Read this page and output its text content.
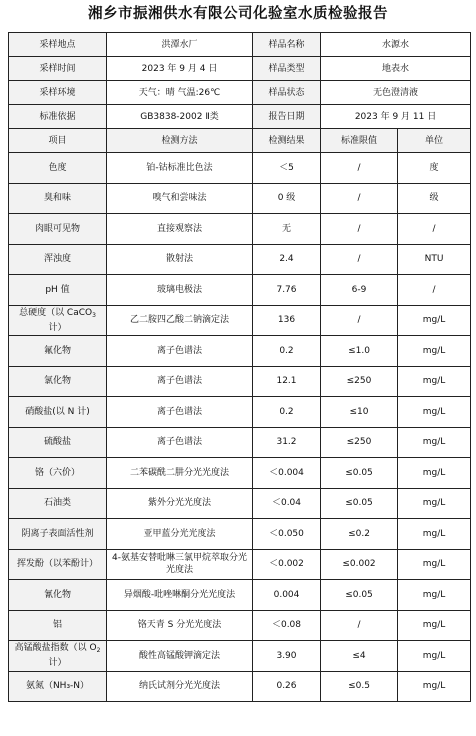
湘乡市振湘供水有限公司化验室水质检验报告
采样地点	洪潭水厂	样品名称	水源水	
采样时间	2023 年 9 月 4 日	样品类型	地表水	
采样环境	天气：晴 气温:26℃	样品状态	无色澄清液	
标准依据	GB3838-2002 Ⅱ类	报告日期	2023 年 9 月 11 日	
项目	检测方法	检测结果	标准限值	单位
色度	铂-钴标准比色法	＜5	/	度
臭和味	嗅气和尝味法	0 级	/	级
肉眼可见物	直接观察法	无	/	/
浑浊度	散射法	2.4	/	NTU
pH 值	玻璃电极法	7.76	6-9	/
总硬度（以 CaCO$_3$ 计）	乙二胺四乙酸二钠滴定法	136	/	mg/L
氟化物	离子色谱法	0.2	≤1.0	mg/L
氯化物	离子色谱法	12.1	≤250	mg/L
硝酸盐(以 N 计)	离子色谱法	0.2	≤10	mg/L
硫酸盐	离子色谱法	31.2	≤250	mg/L
铬（六价）	二苯碳酰二肼分光光度法	＜0.004	≤0.05	mg/L
石油类	紫外分光光度法	＜0.04	≤0.05	mg/L
阴离子表面活性剂	亚甲蓝分光光度法	＜0.050	≤0.2	mg/L
挥发酚（以苯酚计）	4-氨基安替吡啉三氯甲烷萃取分光光度法	＜0.002	≤0.002	mg/L
氰化物	异烟酸-吡唑啉酮分光光度法	0.004	≤0.05	mg/L
铝	铬天青 S 分光光度法	＜0.08	/	mg/L
高锰酸盐指数（以 $O_2$ 计）	酸性高锰酸钾滴定法	3.90	≤4	mg/L
氨氮（NH₃-N）	纳氏试剂分光光度法	0.26	≤0.5	mg/L
